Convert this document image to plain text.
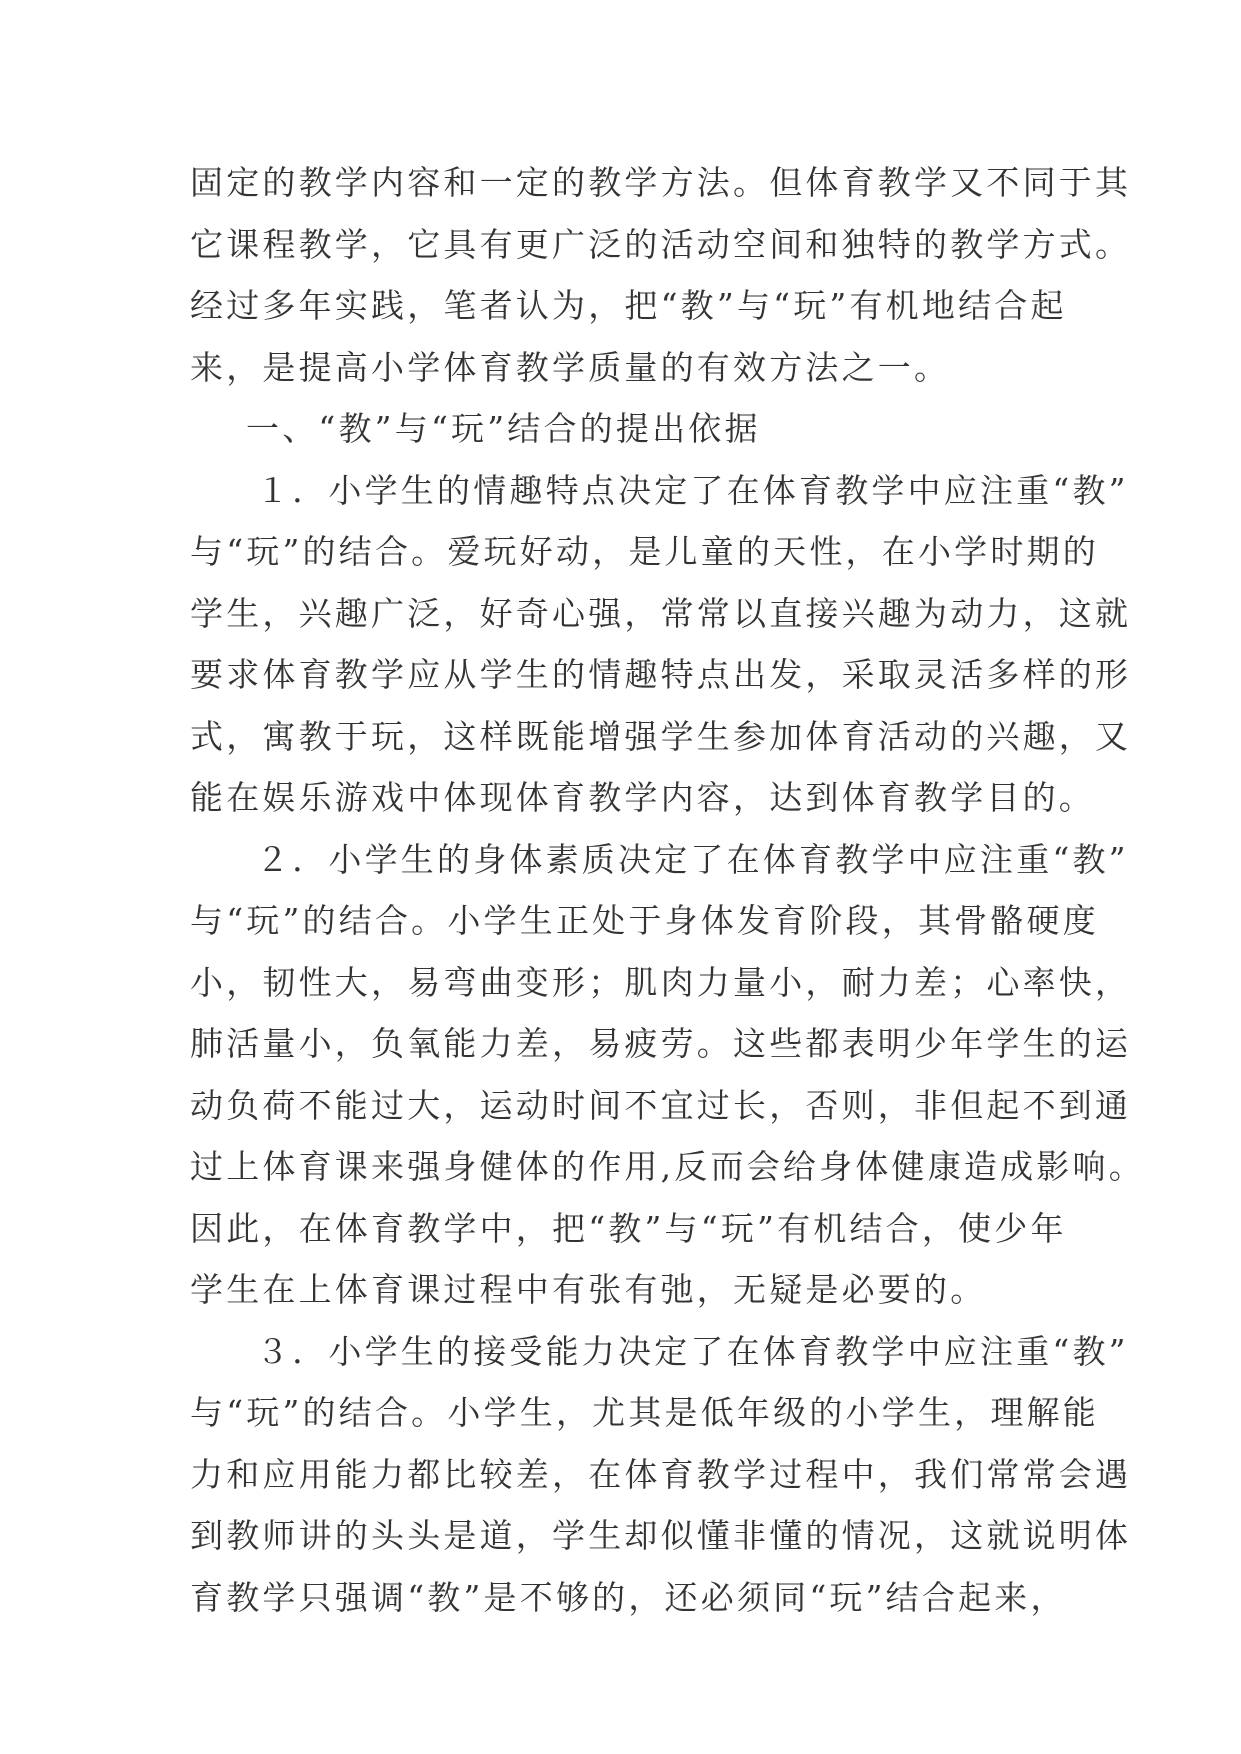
固定的教学内容和一定的教学方法。但体育教学又不同于其
它课程教学，它具有更广泛的活动空间和独特的教学方式。
经过多年实践，笔者认为，把“教”与“玩”有机地结合起
来，是提高小学体育教学质量的有效方法之一。
一、“教”与“玩”结合的提出依据
１．小学生的情趣特点决定了在体育教学中应注重“教”
与“玩”的结合。爱玩好动，是儿童的天性，在小学时期的
学生，兴趣广泛，好奇心强，常常以直接兴趣为动力，这就
要求体育教学应从学生的情趣特点出发，采取灵活多样的形
式，寓教于玩，这样既能增强学生参加体育活动的兴趣，又
能在娱乐游戏中体现体育教学内容，达到体育教学目的。
２．小学生的身体素质决定了在体育教学中应注重“教”
与“玩”的结合。小学生正处于身体发育阶段，其骨骼硬度
小，韧性大，易弯曲变形；肌肉力量小，耐力差；心率快，
肺活量小，负氧能力差，易疲劳。这些都表明少年学生的运
动负荷不能过大，运动时间不宜过长，否则，非但起不到通
过上体育课来强身健体的作用,反而会给身体健康造成影响。
因此，在体育教学中，把“教”与“玩”有机结合，使少年
学生在上体育课过程中有张有弛，无疑是必要的。
３．小学生的接受能力决定了在体育教学中应注重“教”
与“玩”的结合。小学生，尤其是低年级的小学生，理解能
力和应用能力都比较差，在体育教学过程中，我们常常会遇
到教师讲的头头是道，学生却似懂非懂的情况，这就说明体
育教学只强调“教”是不够的，还必须同“玩”结合起来，
